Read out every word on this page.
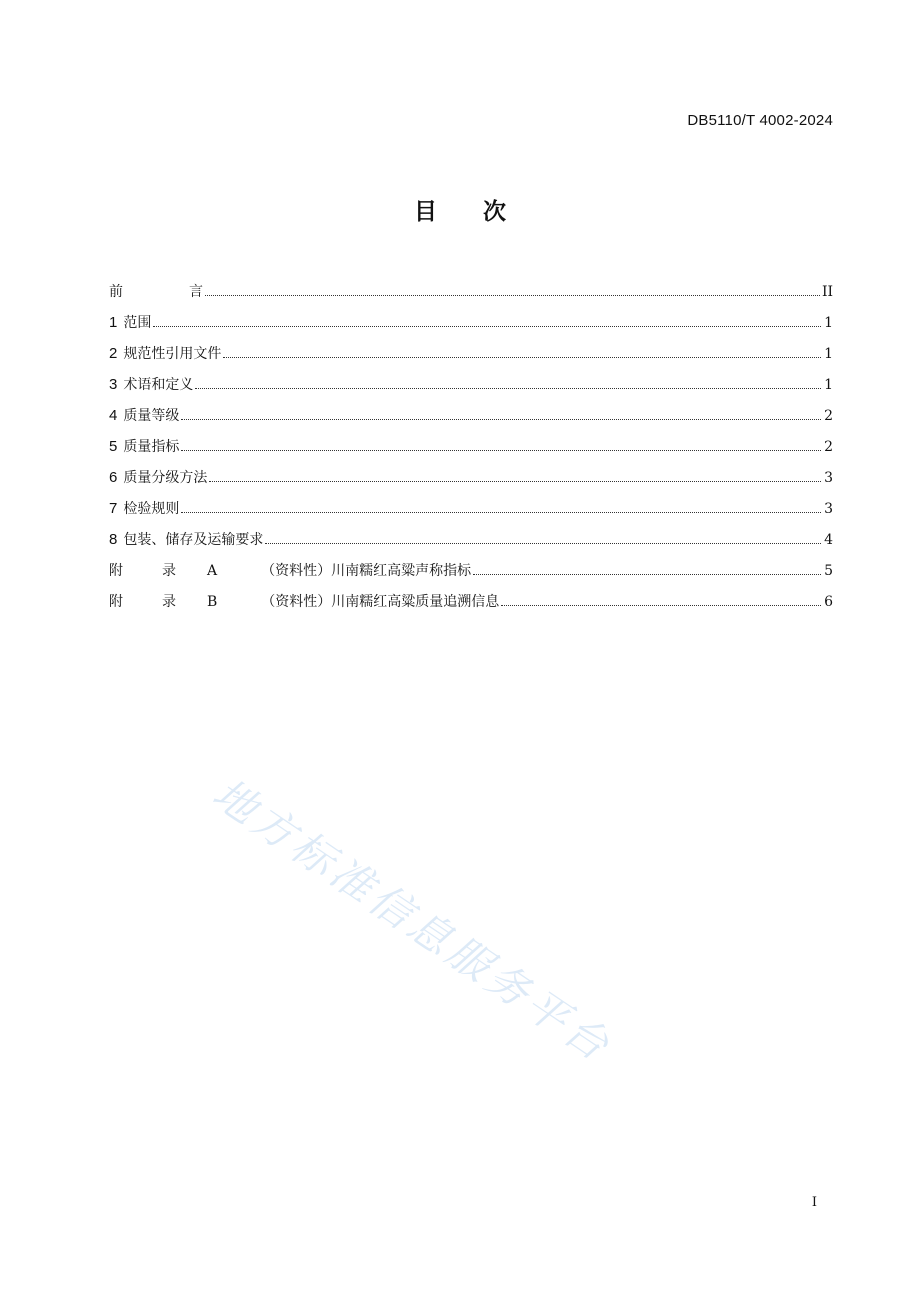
DB5110/T 4002-2024
目 次
前	言	II
1 范围	1
2 规范性引用文件	1
3 术语和定义	1
4 质量等级	2
5 质量指标	2
6 质量分级方法	3
7 检验规则	3
8 包装、储存及运输要求	4
附	录 A	（资料性） 川南糯红高粱声称指标	5
附	录 B	（资料性） 川南糯红高粱质量追溯信息	6
地方标准信息服务平台
I
